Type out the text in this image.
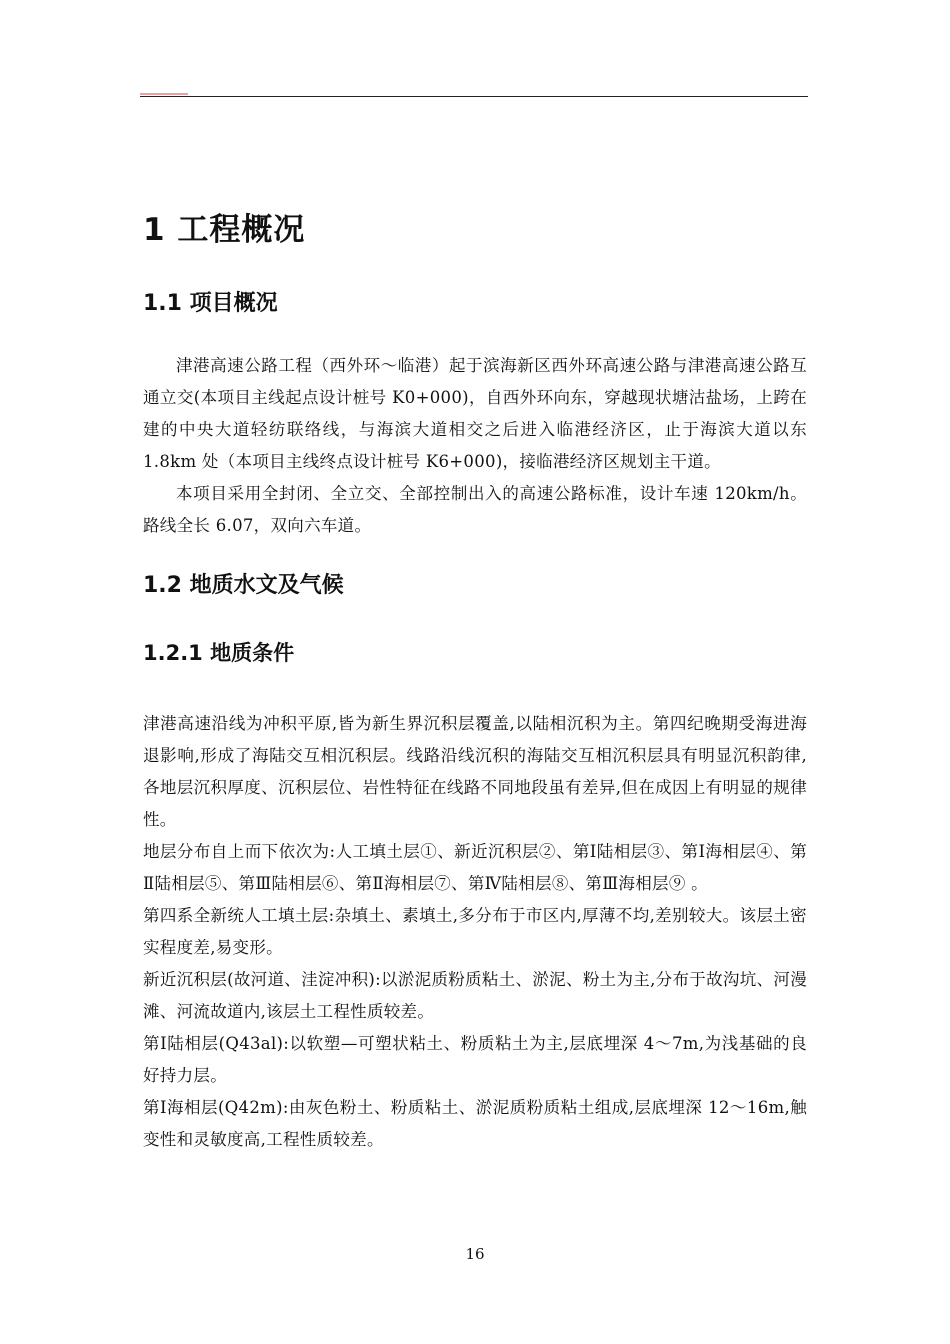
1 工程概况
1.1 项目概况

津港高速公路工程（西外环～临港）起于滨海新区西外环高速公路与津港高速公路互通立交(本项目主线起点设计桩号 K0+000)，自西外环向东，穿越现状塘沽盐场，上跨在建的中央大道轻纺联络线，与海滨大道相交之后进入临港经济区，止于海滨大道以东 1.8km 处（本项目主线终点设计桩号 K6+000)，接临港经济区规划主干道。

本项目采用全封闭、全立交、全部控制出入的高速公路标准，设计车速 120km/h。路线全长 6.07，双向六车道。

1.2 地质水文及气候
1.2.1 地质条件

津港高速沿线为冲积平原,皆为新生界沉积层覆盖,以陆相沉积为主。第四纪晚期受海进海退影响,形成了海陆交互相沉积层。线路沿线沉积的海陆交互相沉积层具有明显沉积韵律,各地层沉积厚度、沉积层位、岩性特征在线路不同地段虽有差异,但在成因上有明显的规律性。

地层分布自上而下依次为:人工填土层①、新近沉积层②、第Ⅰ陆相层③、第Ⅰ海相层④、第Ⅱ陆相层⑤、第Ⅲ陆相层⑥、第Ⅱ海相层⑦、第Ⅳ陆相层⑧、第Ⅲ海相层⑨ 。

第四系全新统人工填土层:杂填土、素填土,多分布于市区内,厚薄不均,差别较大。该层土密实程度差,易变形。

新近沉积层(故河道、洼淀冲积):以淤泥质粉质粘土、淤泥、粉土为主,分布于故沟坑、河漫滩、河流故道内,该层土工程性质较差。

第Ⅰ陆相层(Q43al):以软塑—可塑状粘土、粉质粘土为主,层底埋深 4～7m,为浅基础的良好持力层。

第Ⅰ海相层(Q42m):由灰色粉土、粉质粘土、淤泥质粉质粘土组成,层底埋深 12～16m,触变性和灵敏度高,工程性质较差。

16
